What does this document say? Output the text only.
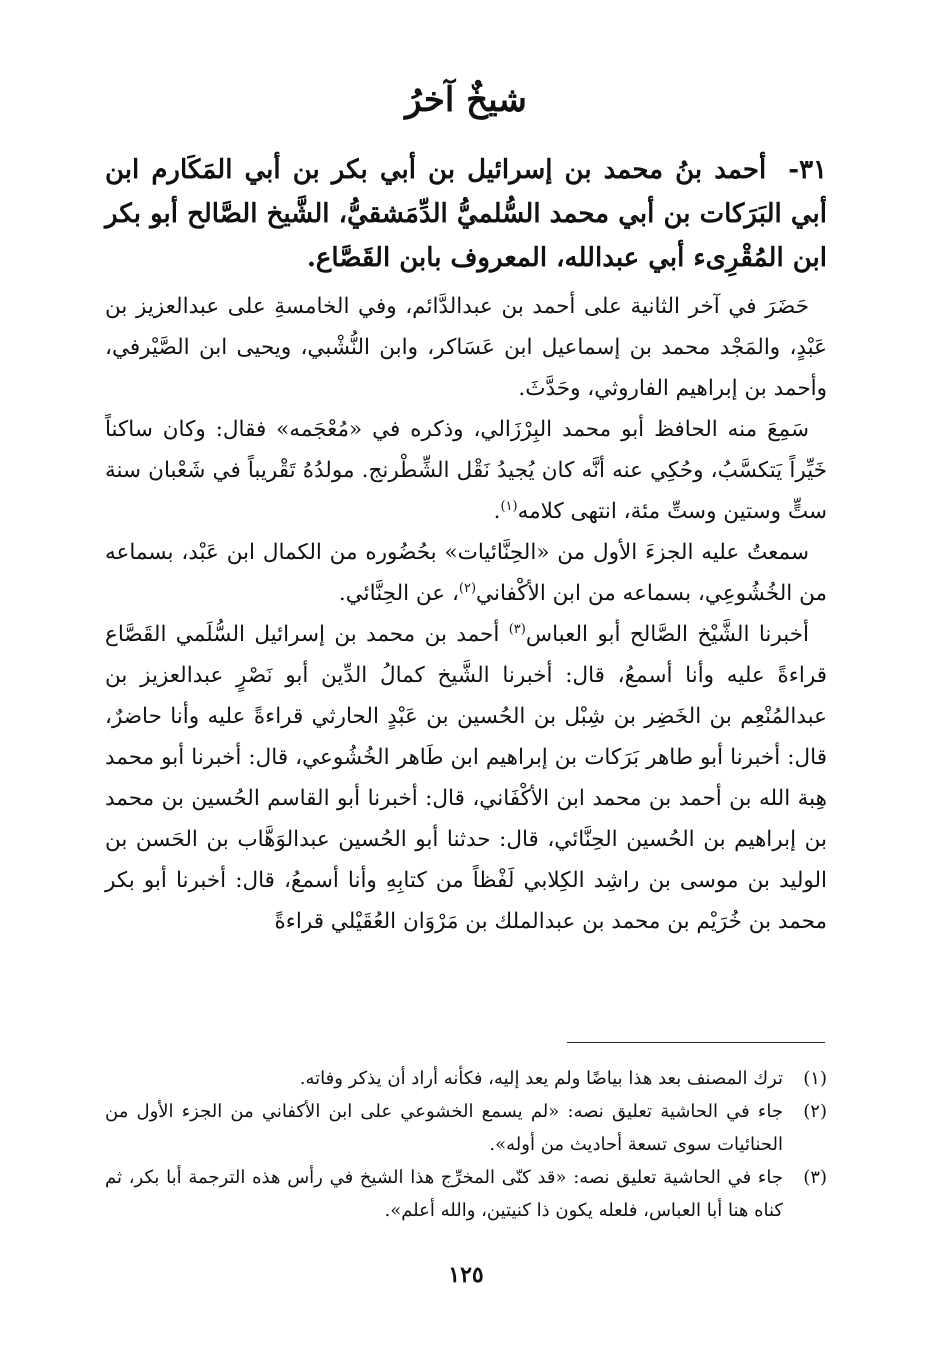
شيخٌ آخرُ
٣١- أحمد بنُ محمد بن إسرائيل بن أبي بكر بن أبي المَكَارم ابن أبي البَرَكات بن أبي محمد السُّلميُّ الدِّمَشقيُّ، الشَّيخ الصَّالح أبو بكر ابن المُقْرِىء أبي عبدالله، المعروف بابن القَصَّاع.

حَضَرَ في آخر الثانية على أحمد بن عبدالدَّائم، وفي الخامسةِ على عبدالعزيز بن عَبْدٍ، والمَجْد محمد بن إسماعيل ابن عَسَاكر، وابن النُّشْبي، ويحيى ابن الصَّيْرفي، وأحمد بن إبراهيم الفاروثي، وحَدَّثَ.

سَمِعَ منه الحافظ أبو محمد البِرْزَالي، وذكره في «مُعْجَمه» فقال: وكان ساكناً خَيِّراً يَتكسَّبُ، وحُكِي عنه أنَّه كان يُجيدُ نَقْل الشِّطْرنج. مولدُهُ تَقْريباً في شَعْبان سنة ستٍّ وستين وستِّ مئة، انتهى كلامه$^{(١)}$.

سمعتُ عليه الجزءَ الأول من «الحِنَّائيات» بحُضُوره من الكمال ابن عَبْد، بسماعه من الخُشُوعِي، بسماعه من ابن الأكْفاني$^{(٢)}$، عن الحِنَّائي.

أخبرنا الشَّيْخ الصَّالح أبو العباس$^{(٣)}$ أحمد بن محمد بن إسرائيل السُّلَمي القَصَّاع قراءةً عليه وأنا أسمعُ، قال: أخبرنا الشَّيخ كمالُ الدِّين أبو نَصْرٍ عبدالعزيز بن عبدالمُنْعِم بن الخَضِر بن شِبْل بن الحُسين بن عَبْدٍ الحارثي قراءةً عليه وأنا حاضرٌ، قال: أخبرنا أبو طاهر بَرَكات بن إبراهيم ابن طَاهر الخُشُوعي، قال: أخبرنا أبو محمد هِبة الله بن أحمد بن محمد ابن الأكْفَاني، قال: أخبرنا أبو القاسم الحُسين بن محمد بن إبراهيم بن الحُسين الحِنَّائي، قال: حدثنا أبو الحُسين عبدالوَهَّاب بن الحَسن بن الوليد بن موسى بن راشِد الكِلابي لَفْظاً من كتابِهِ وأنا أسمعُ، قال: أخبرنا أبو بكر محمد بن خُرَيْم بن محمد بن عبدالملك بن مَرْوَان العُقَيْلي قراءةً

(١)
ترك المصنف بعد هذا بياضًا ولم يعد إليه، فكأنه أراد أن يذكر وفاته.
(٢)
جاء في الحاشية تعليق نصه: «لم يسمع الخشوعي على ابن الأكفاني من الجزء الأول من الحنائيات سوى تسعة أحاديث من أوله».
(٣)
جاء في الحاشية تعليق نصه: «قد كنّى المخرِّج هذا الشيخ في رأس هذه الترجمة أبا بكر، ثم كناه هنا أبا العباس، فلعله يكون ذا كنيتين، والله أعلم».
١٢٥
